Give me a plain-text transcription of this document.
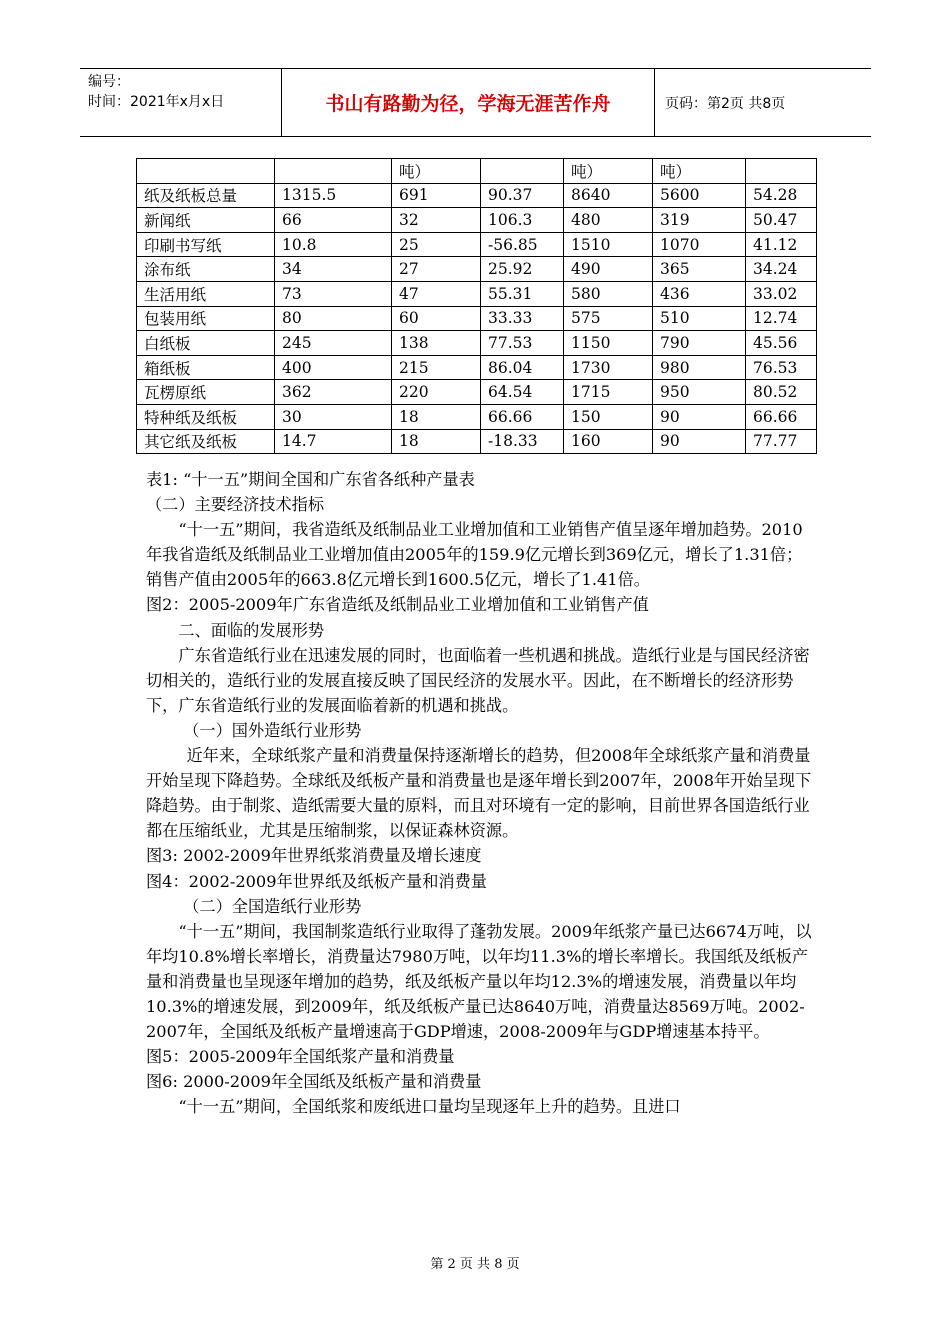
编号：
时间：2021年x月x日	书山有路勤为径，学海无涯苦作舟	页码：第2页 共8页
		吨）		吨）	吨）	
纸及纸板总量	1315.5	691	90.37	8640	5600	54.28
新闻纸	66	32	106.3	480	319	50.47
印刷书写纸	10.8	25	-56.85	1510	1070	41.12
涂布纸	34	27	25.92	490	365	34.24
生活用纸	73	47	55.31	580	436	33.02
包装用纸	80	60	33.33	575	510	12.74
白纸板	245	138	77.53	1150	790	45.56
箱纸板	400	215	86.04	1730	980	76.53
瓦楞原纸	362	220	64.54	1715	950	80.52
特种纸及纸板	30	18	66.66	150	90	66.66
其它纸及纸板	14.7	18	-18.33	160	90	77.77

表1: “十一五”期间全国和广东省各纸种产量表

（二）主要经济技术指标

“十一五”期间，我省造纸及纸制品业工业增加值和工业销售产值呈逐年增加趋势。2010年我省造纸及纸制品业工业增加值由2005年的159.9亿元增长到369亿元，增长了1.31倍；销售产值由2005年的663.8亿元增长到1600.5亿元，增长了1.41倍。

图2：2005-2009年广东省造纸及纸制品业工业增加值和工业销售产值

二、面临的发展形势

广东省造纸行业在迅速发展的同时，也面临着一些机遇和挑战。造纸行业是与国民经济密切相关的，造纸行业的发展直接反映了国民经济的发展水平。因此，在不断增长的经济形势下，广东省造纸行业的发展面临着新的机遇和挑战。

（一）国外造纸行业形势

近年来，全球纸浆产量和消费量保持逐渐增长的趋势，但2008年全球纸浆产量和消费量开始呈现下降趋势。全球纸及纸板产量和消费量也是逐年增长到2007年，2008年开始呈现下降趋势。由于制浆、造纸需要大量的原料，而且对环境有一定的影响，目前世界各国造纸行业都在压缩纸业，尤其是压缩制浆，以保证森林资源。

图3: 2002-2009年世界纸浆消费量及增长速度

图4：2002-2009年世界纸及纸板产量和消费量

（二）全国造纸行业形势

“十一五”期间，我国制浆造纸行业取得了蓬勃发展。2009年纸浆产量已达6674万吨，以年均10.8%增长率增长，消费量达7980万吨，以年均11.3%的增长率增长。我国纸及纸板产量和消费量也呈现逐年增加的趋势，纸及纸板产量以年均12.3%的增速发展，消费量以年均10.3%的增速发展，到2009年，纸及纸板产量已达8640万吨，消费量达8569万吨。2002-2007年，全国纸及纸板产量增速高于GDP增速，2008-2009年与GDP增速基本持平。

图5：2005-2009年全国纸浆产量和消费量

图6: 2000-2009年全国纸及纸板产量和消费量

“十一五”期间，全国纸浆和废纸进口量均呈现逐年上升的趋势。且进口

第 2 页 共 8 页
